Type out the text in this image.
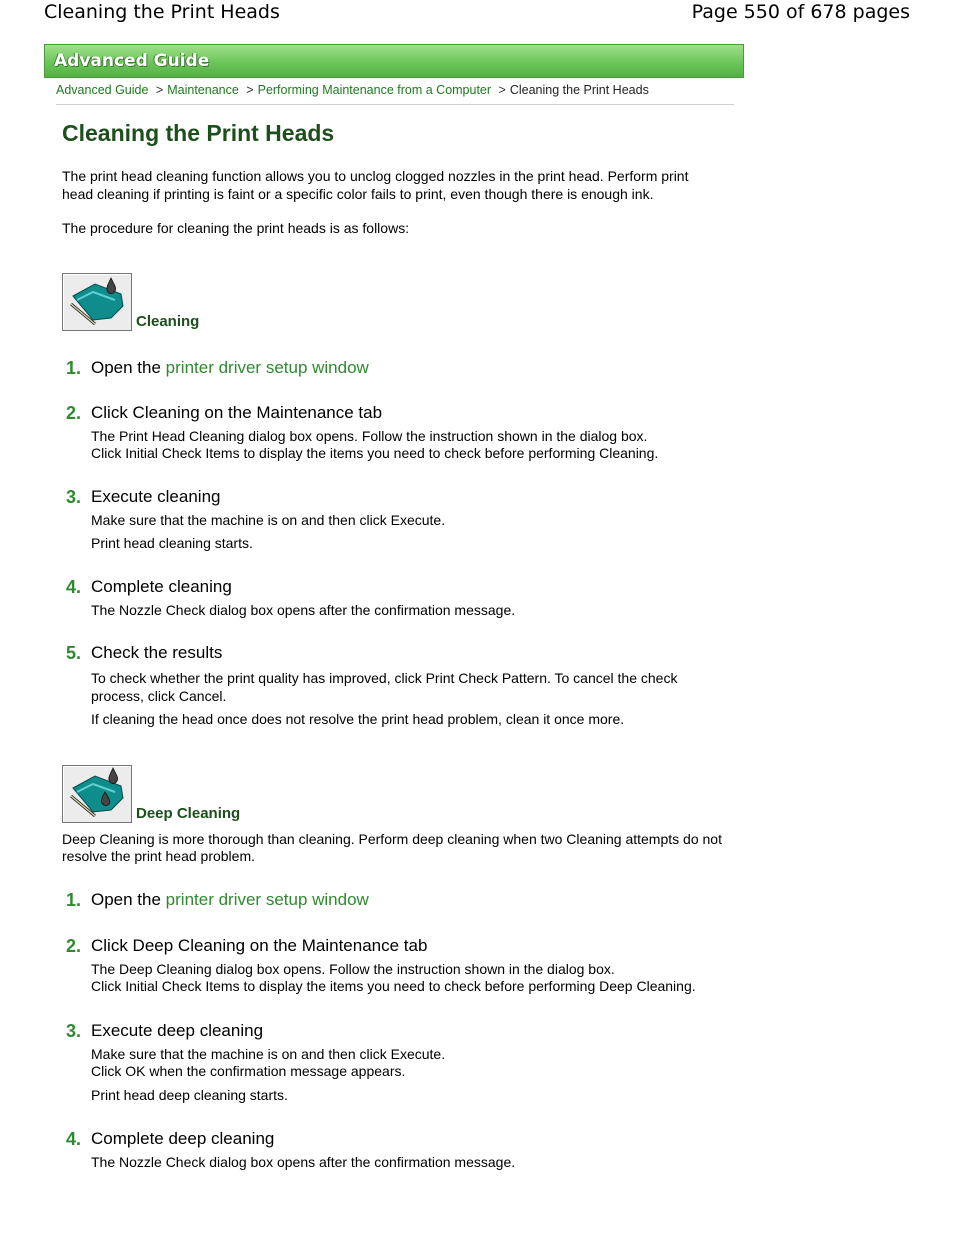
Cleaning the Print Heads	Page 550 of 678 pages
Advanced Guide
Advanced Guide > Maintenance > Performing Maintenance from a Computer > Cleaning the Print Heads
Cleaning the Print Heads

The print head cleaning function allows you to unclog clogged nozzles in the print head. Perform print head cleaning if printing is faint or a specific color fails to print, even though there is enough ink.

The procedure for cleaning the print heads is as follows:

Cleaning
1. Open the printer driver setup window
2. Click Cleaning on the Maintenance tab
The Print Head Cleaning dialog box opens. Follow the instruction shown in the dialog box.
Click Initial Check Items to display the items you need to check before performing Cleaning.
3. Execute cleaning
Make sure that the machine is on and then click Execute.
Print head cleaning starts.
4. Complete cleaning
The Nozzle Check dialog box opens after the confirmation message.
5. Check the results
To check whether the print quality has improved, click Print Check Pattern. To cancel the check process, click Cancel.
If cleaning the head once does not resolve the print head problem, clean it once more.
Deep Cleaning

Deep Cleaning is more thorough than cleaning. Perform deep cleaning when two Cleaning attempts do not resolve the print head problem.

1. Open the printer driver setup window
2. Click Deep Cleaning on the Maintenance tab
The Deep Cleaning dialog box opens. Follow the instruction shown in the dialog box.
Click Initial Check Items to display the items you need to check before performing Deep Cleaning.
3. Execute deep cleaning
Make sure that the machine is on and then click Execute.
Click OK when the confirmation message appears.
Print head deep cleaning starts.
4. Complete deep cleaning
The Nozzle Check dialog box opens after the confirmation message.
